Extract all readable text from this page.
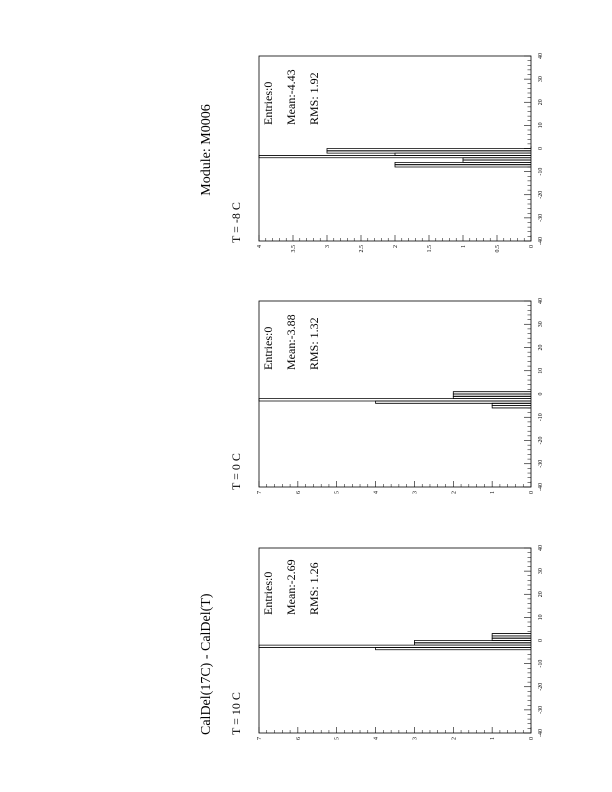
CalDel(17C) - CalDel(T)
Module: M0006
T = 10 C
Entries:0 Mean:-2.69 RMS: 1.26
0
1
2
3
4
5
6
7
-40
-30
-20
-10
0
10
20
30
40
T = 0 C
Entries:0 Mean:-3.88 RMS: 1.32
0
1
2
3
4
5
6
7
-40
-30
-20
-10
0
10
20
30
40
T = -8 C
Entries:0 Mean:-4.43 RMS: 1.92
0
0.5
1
1.5
2
2.5
3
3.5
4
-40
-30
-20
-10
0
10
20
30
40
